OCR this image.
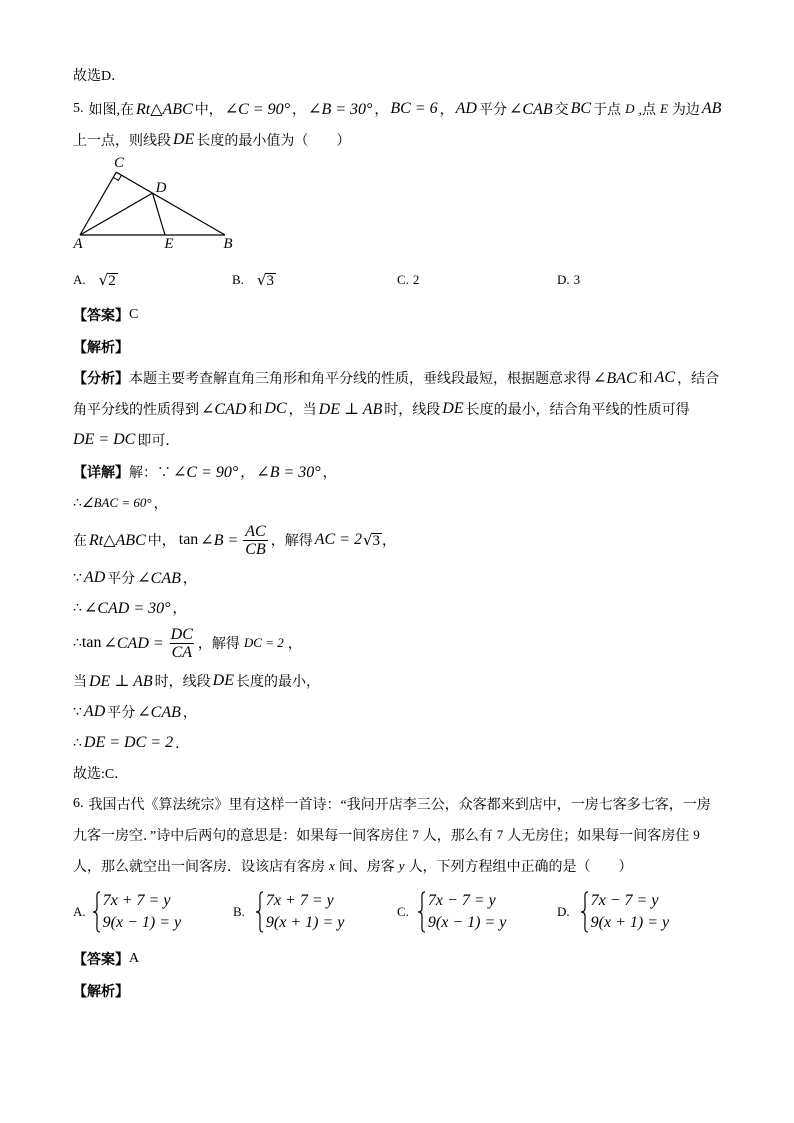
故选D．
5. 如图,在 Rt△ABC 中， ∠C = 90° ， ∠B = 30° ， BC = 6 ， AD 平分 ∠CAB 交 BC 于点 D ,点 E 为边 AB
上一点，则线段 DE 长度的最小值为（　　）
C
D
A	E	B
A. √ 2	B. √ 3	C. 2	D. 3
【答案】 C
【解析】
【分析】 本题主要考查解直角三角形和角平分线的性质，垂线段最短，根据题意求得 ∠BAC 和 AC ，结合
角平分线的性质得到 ∠CAD 和 DC ，当 DE ⊥ AB 时，线段 DE 长度的最小，结合角平线的性质可得
DE = DC 即可．
【详解】 解：∵ ∠C = 90° ， ∠B = 30° ，
∴ ∠BAC = 60° ，
在 Rt△ABC 中， tan ∠B = $\frac{AC}{CB}$ ，解得 AC = 2 √ 3 ，
∵ AD 平分 ∠CAB ，
∴ ∠CAD = 30° ，
∴ tan ∠CAD = $\frac{DC}{CA}$ ，解得 DC = 2 ，
当 DE ⊥ AB 时，线段 DE 长度的最小，
∵ AD 平分 ∠CAB ，
∴ DE = DC = 2 ．
故选:C．
6. 我国古代《算法统宗》里有这样一首诗：“我问开店李三公，众客都来到店中，一房七客多七客，一房
九客一房空．”诗中后两句的意思是：如果每一间客房住 7 人，那么有 7 人无房住；如果每一间客房住 9
人，那么就空出一间客房．设该店有客房 x 间、房客 y 人，下列方程组中正确的是（　　）
A.
7x + 7 = y
9(x − 1) = y
B.
7x + 7 = y
9(x + 1) = y
C.
7x − 7 = y
9(x − 1) = y
D.
7x − 7 = y
9(x + 1) = y
【答案】 A
【解析】
